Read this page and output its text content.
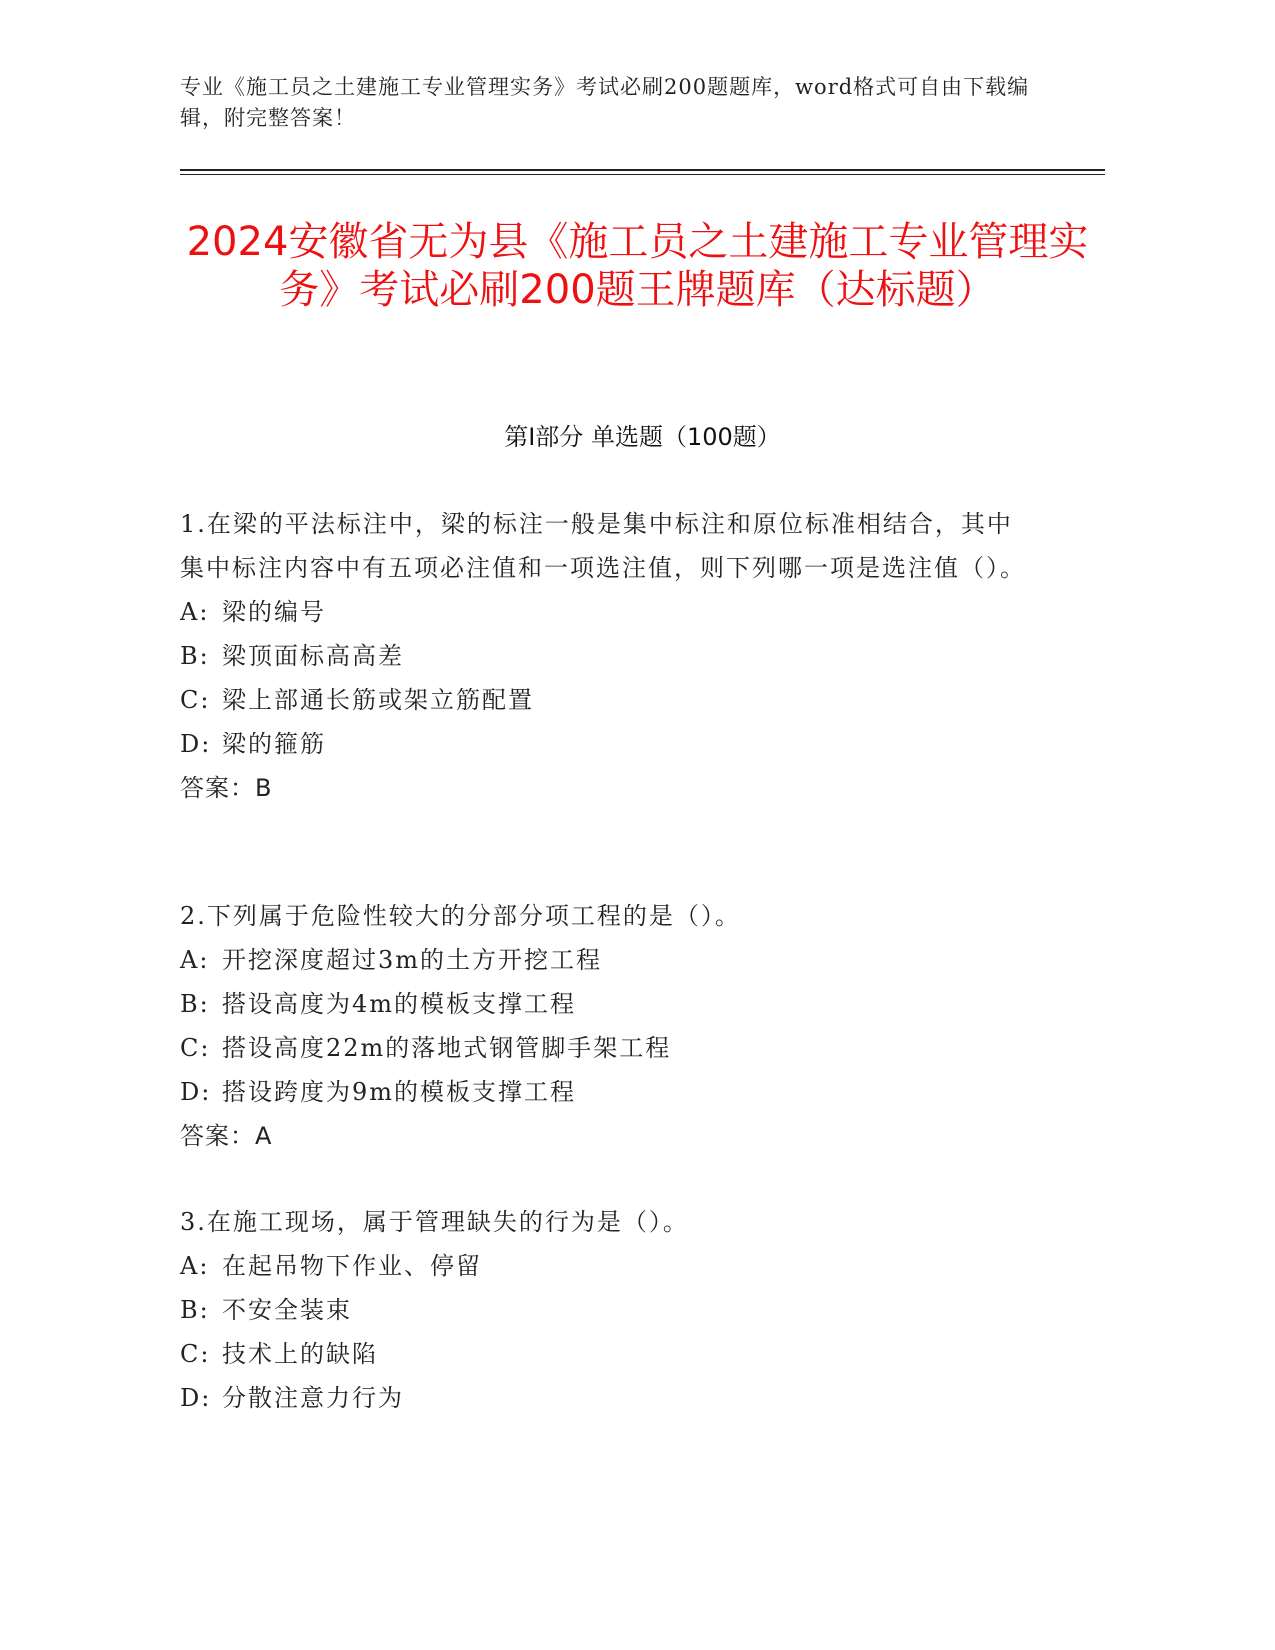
专业《施工员之土建施工专业管理实务》考试必刷200题题库，word格式可自由下载编辑，附完整答案！
2024安徽省无为县《施工员之土建施工专业管理实务》考试必刷200题王牌题库（达标题）
第Ⅰ部分 单选题（100题）
1.在梁的平法标注中，梁的标注一般是集中标注和原位标准相结合，其中集中标注内容中有五项必注值和一项选注值，则下列哪一项是选注值（）。
A: 梁的编号
B: 梁顶面标高高差
C: 梁上部通长筋或架立筋配置
D: 梁的箍筋
答案：B
2.下列属于危险性较大的分部分项工程的是（）。
A: 开挖深度超过3m的土方开挖工程
B: 搭设高度为4m的模板支撑工程
C: 搭设高度22m的落地式钢管脚手架工程
D: 搭设跨度为9m的模板支撑工程
答案：A
3.在施工现场，属于管理缺失的行为是（）。
A: 在起吊物下作业、停留
B: 不安全装束
C: 技术上的缺陷
D: 分散注意力行为
